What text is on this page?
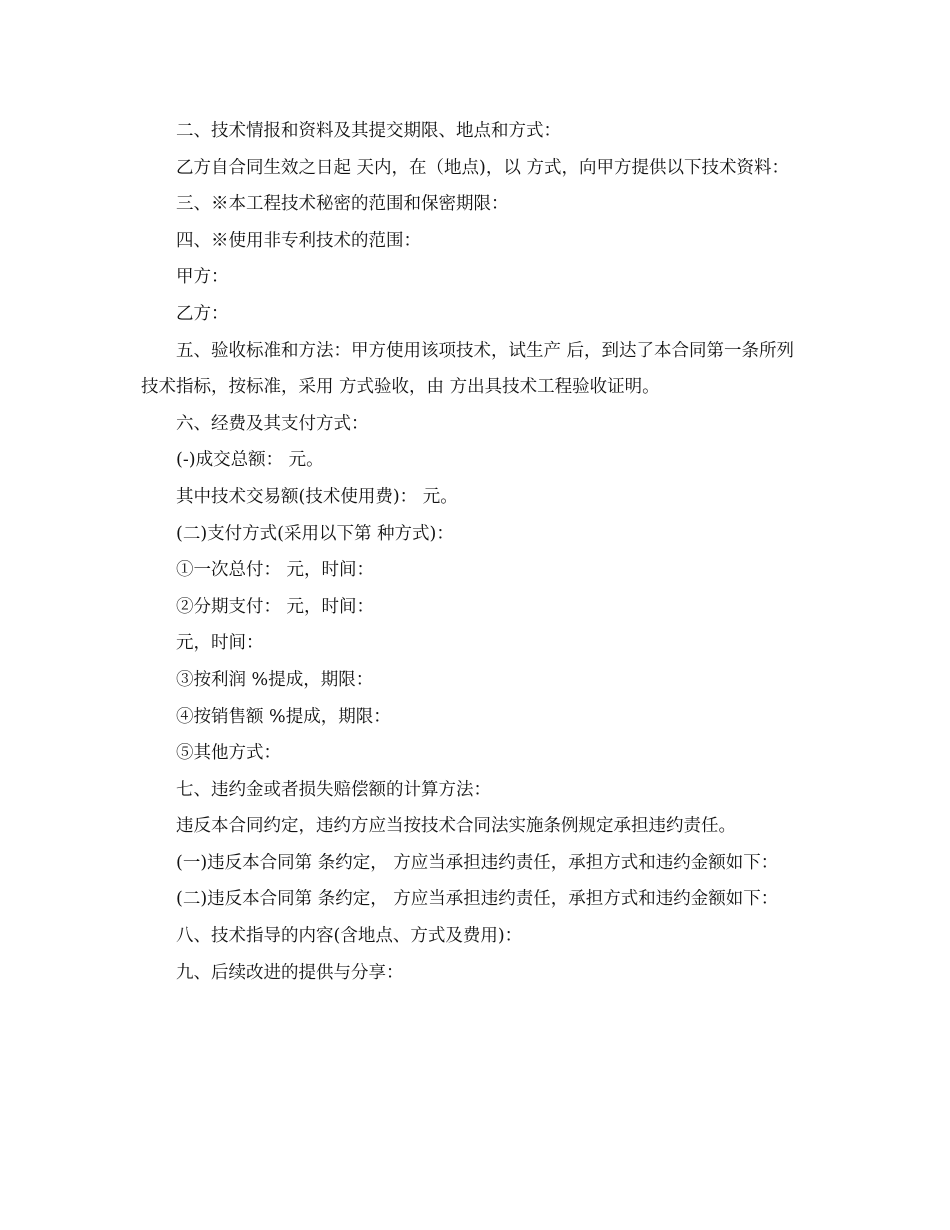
二、技术情报和资料及其提交期限、地点和方式：

乙方自合同生效之日起 天内，在（地点)，以 方式，向甲方提供以下技术资料：

三、※本工程技术秘密的范围和保密期限：

四、※使用非专利技术的范围：

甲方：

乙方：

五、验收标准和方法：甲方使用该项技术，试生产 后，到达了本合同第一条所列技术指标，按标准，采用 方式验收，由 方出具技术工程验收证明。

六、经费及其支付方式：

(-)成交总额： 元。

其中技术交易额(技术使用费)： 元。

(二)支付方式(采用以下第 种方式)：

①一次总付： 元，时间：

②分期支付： 元，时间：

元，时间：

③按利润 %提成，期限：

④按销售额 %提成，期限：

⑤其他方式：

七、违约金或者损失赔偿额的计算方法：

违反本合同约定，违约方应当按技术合同法实施条例规定承担违约责任。

(一)违反本合同第 条约定， 方应当承担违约责任，承担方式和违约金额如下：

(二)违反本合同第 条约定， 方应当承担违约责任，承担方式和违约金额如下：

八、技术指导的内容(含地点、方式及费用)：

九、后续改进的提供与分享：
